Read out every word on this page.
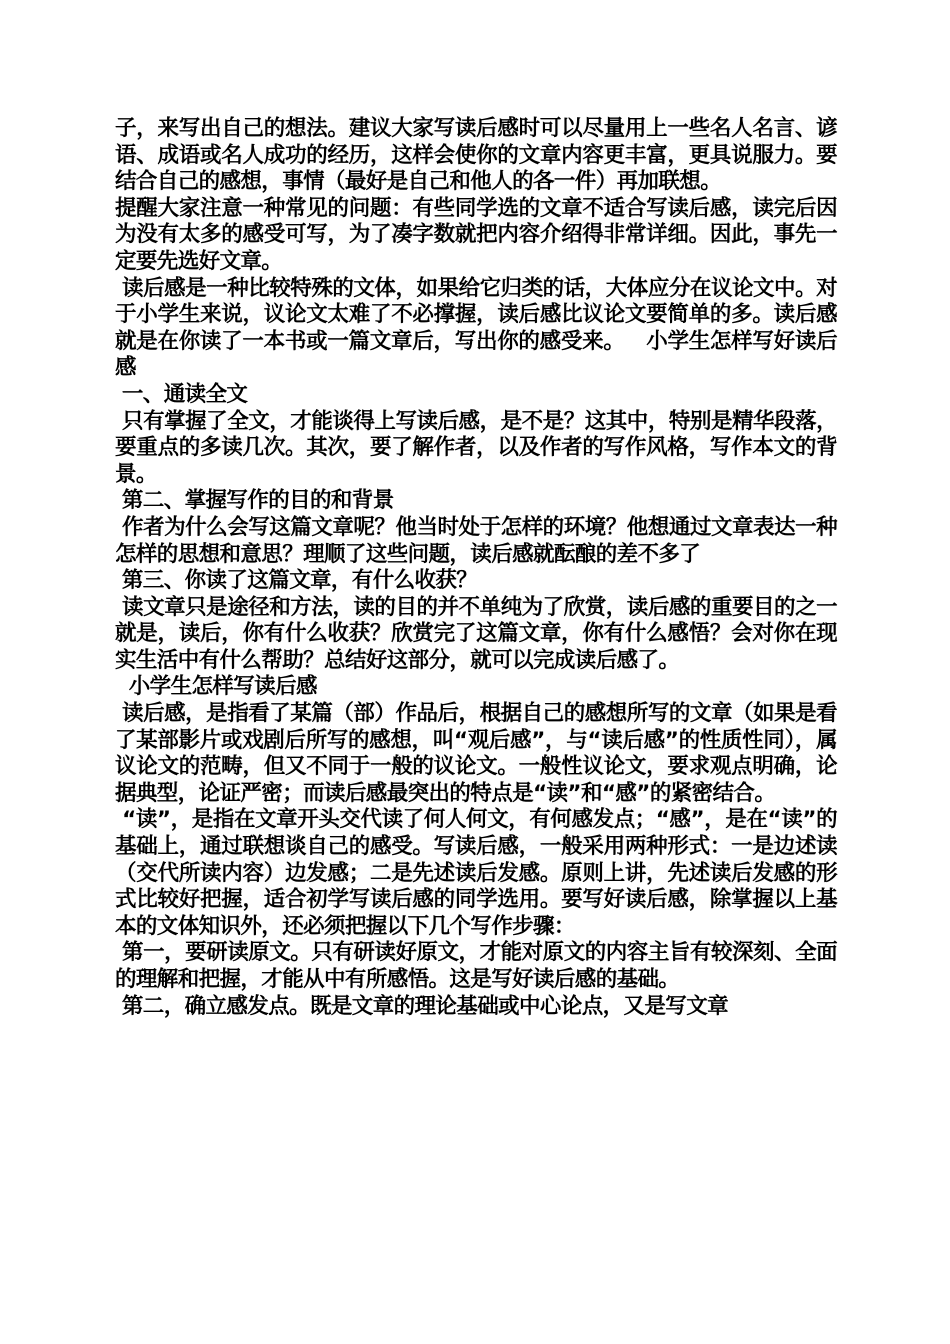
子，来写出自己的想法。建议大家写读后感时可以尽量用上一些名人名言、谚语、成语或名人成功的经历，这样会使你的文章内容更丰富，更具说服力。要结合自己的感想，事情（最好是自己和他人的各一件）再加联想。

提醒大家注意一种常见的问题：有些同学选的文章不适合写读后感，读完后因为没有太多的感受可写，为了凑字数就把内容介绍得非常详细。因此，事先一定要先选好文章。

读后感是一种比较特殊的文体，如果给它归类的话，大体应分在议论文中。对于小学生来说，议论文太难了不必撑握，读后感比议论文要简单的多。读后感就是在你读了一本书或一篇文章后，写出你的感受来。   小学生怎样写好读后感

一、通读全文

只有掌握了全文，才能谈得上写读后感，是不是？这其中，特别是精华段落，要重点的多读几次。其次，要了解作者，以及作者的写作风格，写作本文的背景。

第二、掌握写作的目的和背景

作者为什么会写这篇文章呢？他当时处于怎样的环境？他想通过文章表达一种怎样的思想和意思？理顺了这些问题，读后感就酝酿的差不多了

第三、你读了这篇文章，有什么收获？

读文章只是途径和方法，读的目的并不单纯为了欣赏，读后感的重要目的之一就是，读后，你有什么收获？欣赏完了这篇文章，你有什么感悟？会对你在现实生活中有什么帮助？总结好这部分，就可以完成读后感了。

小学生怎样写读后感

读后感，是指看了某篇（部）作品后，根据自己的感想所写的文章（如果是看了某部影片或戏剧后所写的感想，叫“观后感”，与“读后感”的性质性同），属议论文的范畴，但又不同于一般的议论文。一般性议论文，要求观点明确，论据典型，论证严密；而读后感最突出的特点是“读”和“感”的紧密结合。

“读”，是指在文章开头交代读了何人何文，有何感发点；“感”，是在“读”的基础上，通过联想谈自己的感受。写读后感，一般采用两种形式：一是边述读（交代所读内容）边发感；二是先述读后发感。原则上讲，先述读后发感的形式比较好把握，适合初学写读后感的同学选用。要写好读后感，除掌握以上基本的文体知识外，还必须把握以下几个写作步骤：

第一，要研读原文。只有研读好原文，才能对原文的内容主旨有较深刻、全面的理解和把握，才能从中有所感悟。这是写好读后感的基础。

第二，确立感发点。既是文章的理论基础或中心论点，又是写文章
